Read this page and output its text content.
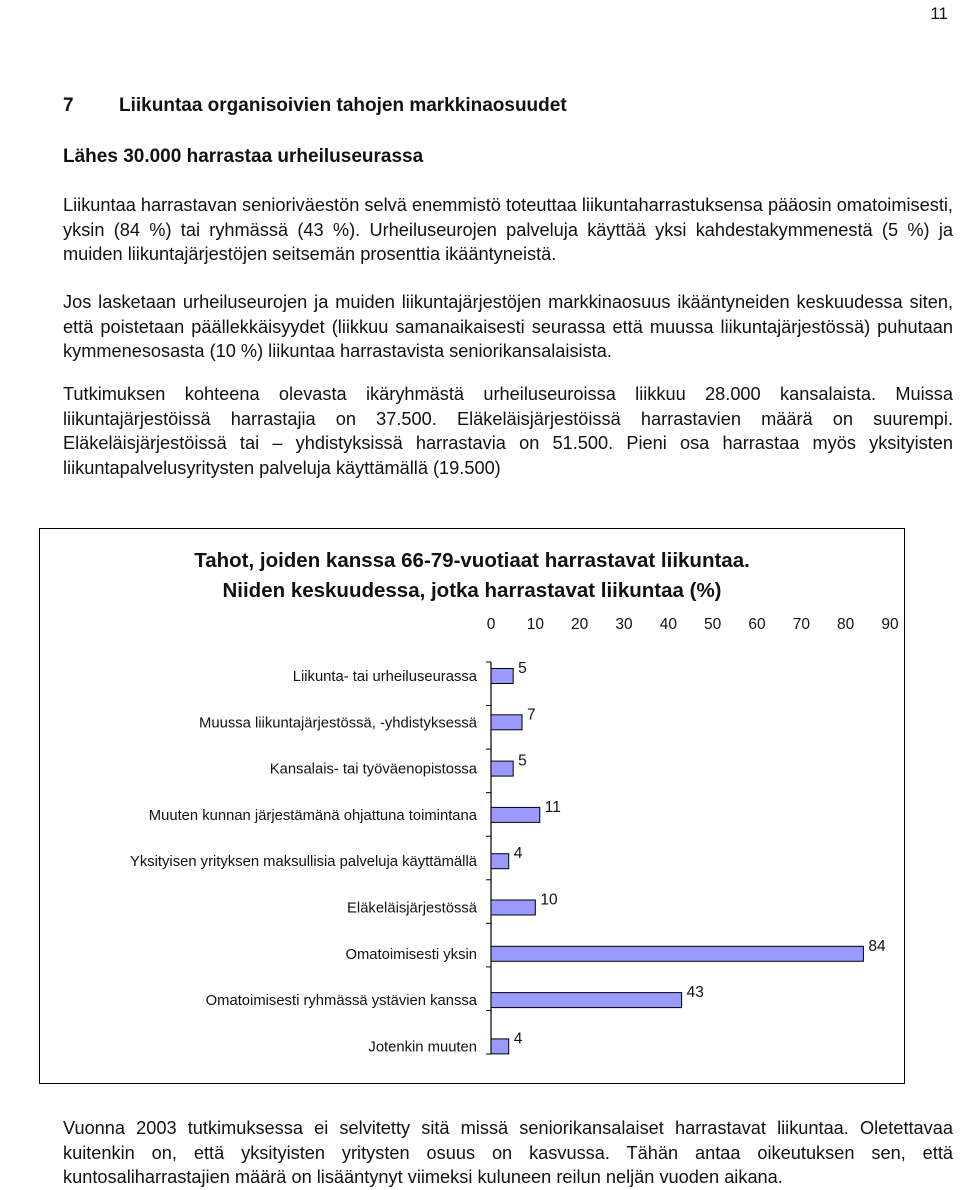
11
7 Liikuntaa organisoivien tahojen markkinaosuudet
Lähes 30.000 harrastaa urheiluseurassa
Liikuntaa harrastavan senioriväestön selvä enemmistö toteuttaa liikuntaharrastuksensa pääosin omatoimisesti, yksin (84 %) tai ryhmässä (43 %). Urheiluseurojen palveluja käyttää yksi kahdestakymmenestä (5 %) ja muiden liikuntajärjestöjen seitsemän prosenttia ikääntyneistä.
Jos lasketaan urheiluseurojen ja muiden liikuntajärjestöjen markkinaosuus ikääntyneiden keskuudessa siten, että poistetaan päällekkäisyydet (liikkuu samanaikaisesti seurassa että muussa liikuntajärjestössä) puhutaan kymmenesosasta (10 %) liikuntaa harrastavista seniorikansalaisista.
Tutkimuksen kohteena olevasta ikäryhmästä urheiluseuroissa liikkuu 28.000 kansalaista. Muissa liikuntajärjestöissä harrastajia on 37.500. Eläkeläisjärjestöissä harrastavien määrä on suurempi. Eläkeläisjärjestöissä tai – yhdistyksissä harrastavia on 51.500. Pieni osa harrastaa myös yksityisten liikuntapalvelusyritysten palveluja käyttämällä (19.500)
Tahot, joiden kanssa 66-79-vuotiaat harrastavat liikuntaa.
Niiden keskuudessa, jotka harrastavat liikuntaa (%)
0 10 20 30 40 50 60 70 80 90
Liikunta- tai urheiluseurassa	5
Muussa liikuntajärjestössä, -yhdistyksessä	7
Kansalais- tai työväenopistossa	5
Muuten kunnan järjestämänä ohjattuna toimintana	11
Yksityisen yrityksen maksullisia palveluja käyttämällä 4
Eläkeläisjärjestössä	10
Omatoimisesti yksin	84
Omatoimisesti ryhmässä ystävien kanssa	43
Jotenkin muuten 4
Vuonna 2003 tutkimuksessa ei selvitetty sitä missä seniorikansalaiset harrastavat liikuntaa. Oletettavaa kuitenkin on, että yksityisten yritysten osuus on kasvussa. Tähän antaa oikeutuksen sen, että kuntosaliharrastajien määrä on lisääntynyt viimeksi kuluneen reilun neljän vuoden aikana.
